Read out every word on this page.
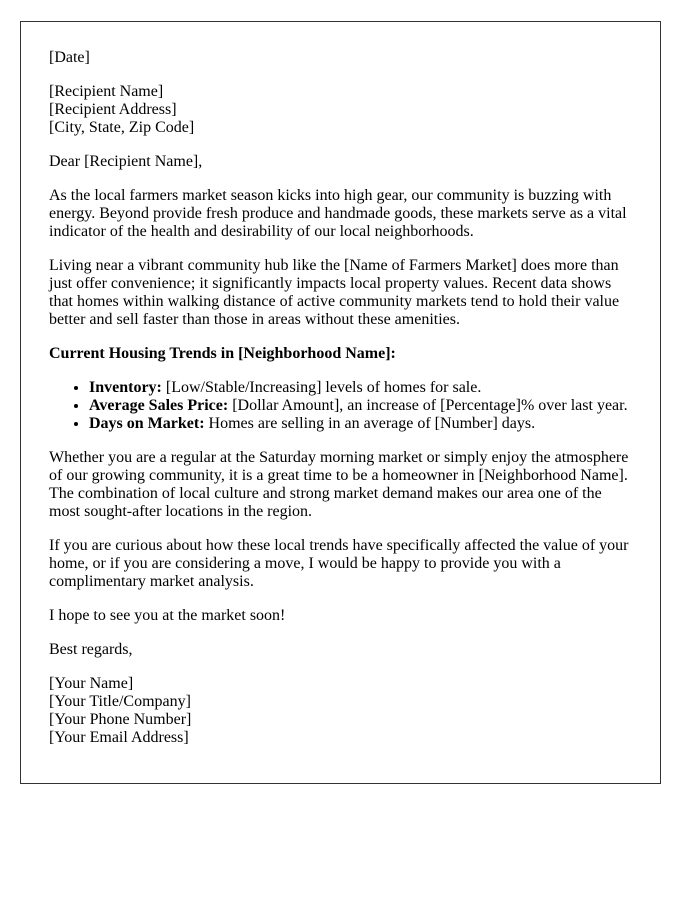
[Date]

[Recipient Name]
[Recipient Address]
[City, State, Zip Code]

Dear [Recipient Name],

As the local farmers market season kicks into high gear, our community is buzzing with energy. Beyond provide fresh produce and handmade goods, these markets serve as a vital indicator of the health and desirability of our local neighborhoods.

Living near a vibrant community hub like the [Name of Farmers Market] does more than just offer convenience; it significantly impacts local property values. Recent data shows that homes within walking distance of active community markets tend to hold their value better and sell faster than those in areas without these amenities.

Current Housing Trends in [Neighborhood Name]:

• Inventory: [Low/Stable/Increasing] levels of homes for sale.
• Average Sales Price: [Dollar Amount], an increase of [Percentage]% over last year.
• Days on Market: Homes are selling in an average of [Number] days.

Whether you are a regular at the Saturday morning market or simply enjoy the atmosphere of our growing community, it is a great time to be a homeowner in [Neighborhood Name]. The combination of local culture and strong market demand makes our area one of the most sought-after locations in the region.

If you are curious about how these local trends have specifically affected the value of your home, or if you are considering a move, I would be happy to provide you with a complimentary market analysis.

I hope to see you at the market soon!

Best regards,

[Your Name]
[Your Title/Company]
[Your Phone Number]
[Your Email Address]
